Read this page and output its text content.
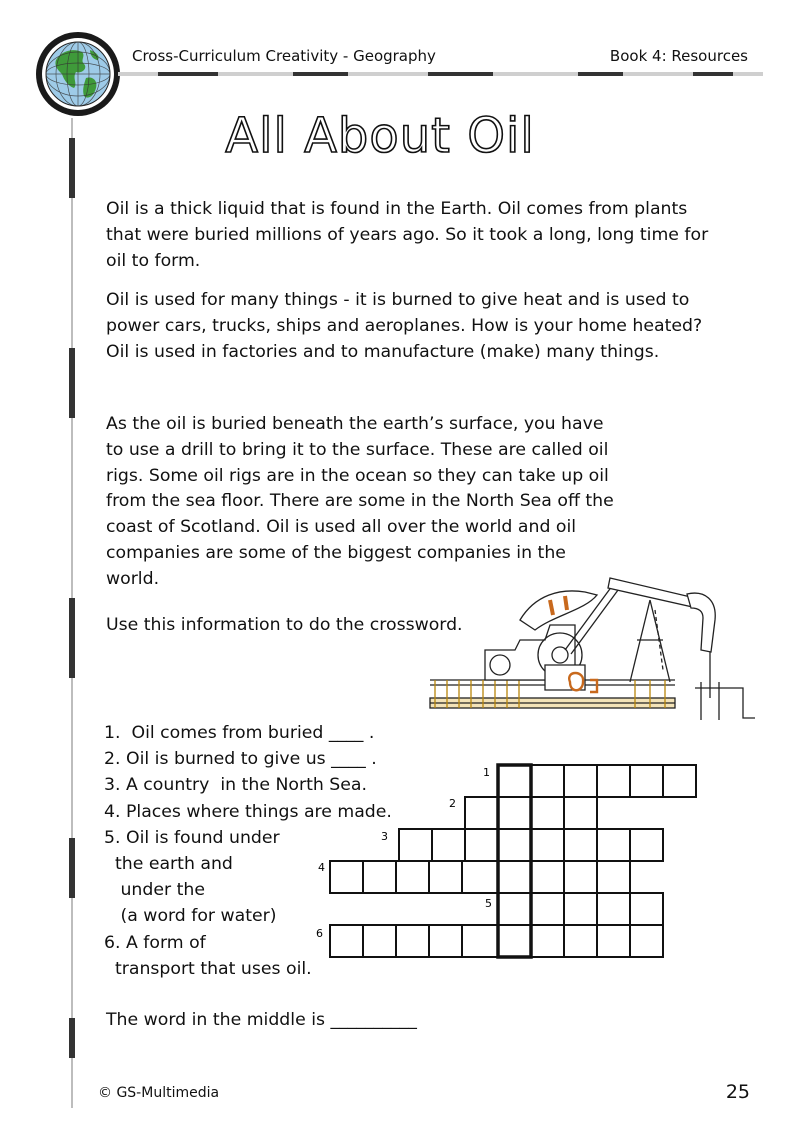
Cross-Curriculum Creativity - Geography	Book 4: Resources
All About Oil

Oil is a thick liquid that is found in the Earth. Oil comes from plants that were buried millions of years ago. So it took a long, long time for oil to form.

Oil is used for many things - it is burned to give heat and is used to power cars, trucks, ships and aeroplanes. How is your home heated? Oil is used in factories and to manufacture (make) many things.

As the oil is buried beneath the earth’s surface, you have to use a drill to bring it to the surface. These are called oil rigs. Some oil rigs are in the ocean so they can take up oil from the sea floor. There are some in the North Sea off the coast of Scotland. Oil is used all over the world and oil companies are some of the biggest companies in the world.

Use this information to do the crossword.

1.  Oil comes from buried ____ .
2. Oil is burned to give us ____ .
3. A country  in the North Sea.
4. Places where things are made.
5. Oil is found under
the earth and
under the
(a word for water)
6. A form of
transport that uses oil.
1
2
3
4
5
6
The word in the middle is __________
© GS-Multimedia	25
